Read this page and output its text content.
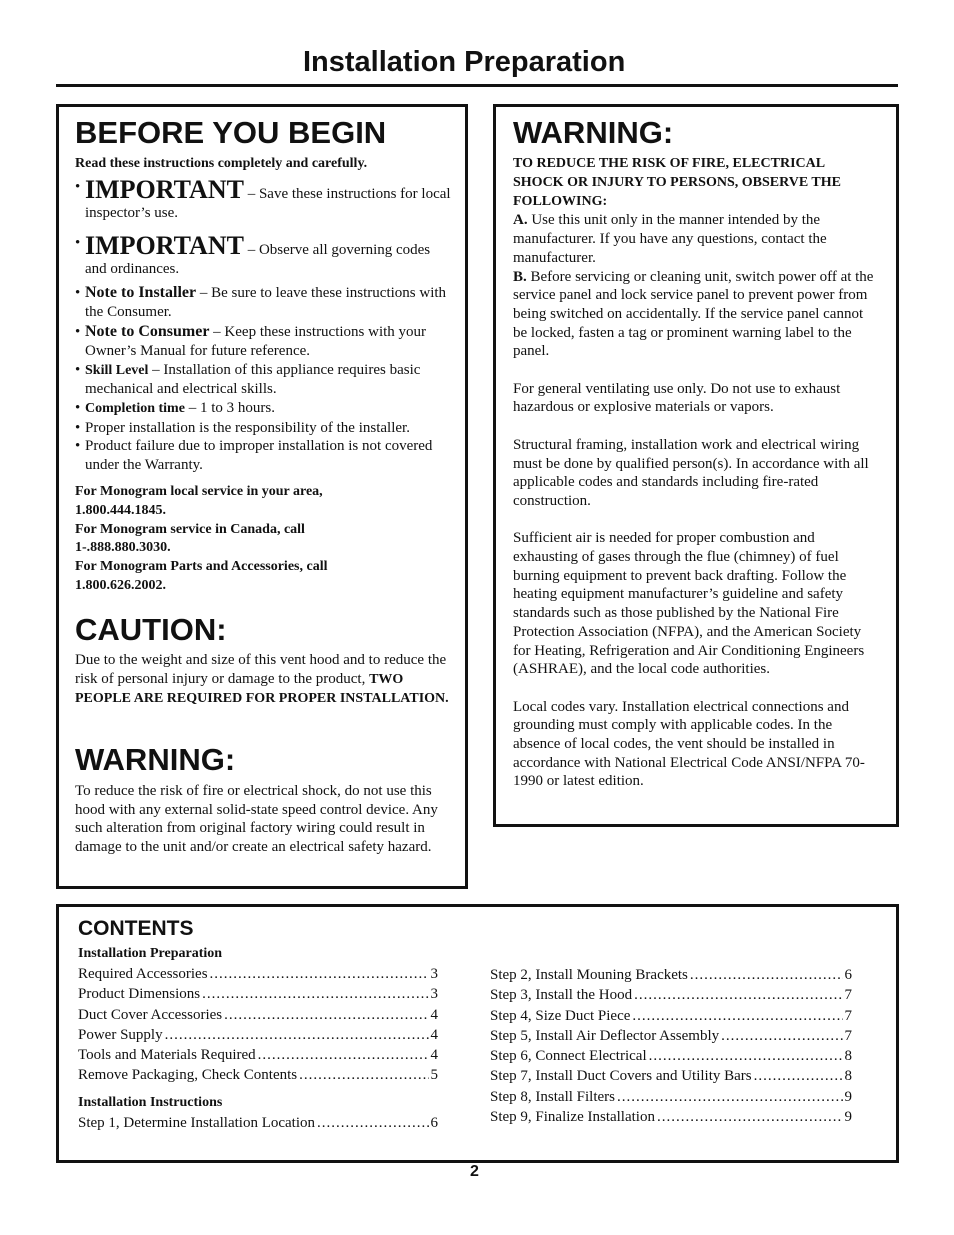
Installation Preparation
BEFORE YOU BEGIN
Read these instructions completely and carefully.
• IMPORTANT – Save these instructions for local inspector’s use.
• IMPORTANT – Observe all governing codes and ordinances.
• Note to Installer – Be sure to leave these instructions with the Consumer.
• Note to Consumer – Keep these instructions with your Owner’s Manual for future reference.
• Skill Level – Installation of this appliance requires basic mechanical and electrical skills.
• Completion time – 1 to 3 hours.
• Proper installation is the responsibility of the installer.
• Product failure due to improper installation is not covered under the Warranty.
For Monogram local service in your area, 1.800.444.1845.
For Monogram service in Canada, call 1-.888.880.3030.
For Monogram Parts and Accessories, call 1.800.626.2002.
CAUTION:
Due to the weight and size of this vent hood and to reduce the risk of personal injury or damage to the product, TWO PEOPLE ARE REQUIRED FOR PROPER INSTALLATION.
WARNING:
To reduce the risk of fire or electrical shock, do not use this hood with any external solid-state speed control device. Any such alteration from original factory wiring could result in damage to the unit and/or create an electrical safety hazard.
WARNING:
TO REDUCE THE RISK OF FIRE, ELECTRICAL SHOCK OR INJURY TO PERSONS, OBSERVE THE FOLLOWING:
A. Use this unit only in the manner intended by the manufacturer. If you have any questions, contact the manufacturer.
B. Before servicing or cleaning unit, switch power off at the service panel and lock service panel to prevent power from being switched on accidentally. If the service panel cannot be locked, fasten a tag or prominent warning label to the panel.
For general ventilating use only. Do not use to exhaust hazardous or explosive materials or vapors.
Structural framing, installation work and electrical wiring must be done by qualified person(s). In accordance with all applicable codes and standards including fire-rated construction.
Sufficient air is needed for proper combustion and exhausting of gases through the flue (chimney) of fuel burning equipment to prevent back drafting. Follow the heating equipment manufacturer’s guideline and safety standards such as those published by the National Fire Protection Association (NFPA), and the American Society for Heating, Refrigeration and Air Conditioning Engineers (ASHRAE), and the local code authorities.
Local codes vary. Installation electrical connections and grounding must comply with applicable codes. In the absence of local codes, the vent should be installed in accordance with National Electrical Code ANSI/NFPA 70-1990 or latest edition.
CONTENTS
Installation Preparation
Required Accessories .....	3
Product Dimensions .....	3
Duct Cover Accessories .....	4
Power Supply .....	4
Tools and Materials Required .....	4
Remove Packaging, Check Contents .....	5
Installation Instructions
Step 1, Determine Installation Location .....	6
Step 2, Install Mouning Brackets .....	6
Step 3, Install the Hood .....	7
Step 4, Size Duct Piece .....	7
Step 5, Install Air Deflector Assembly .....	7
Step 6, Connect Electrical .....	8
Step 7, Install Duct Covers and Utility Bars .....	8
Step 8, Install Filters .....	9
Step 9, Finalize Installation .....	9
2
